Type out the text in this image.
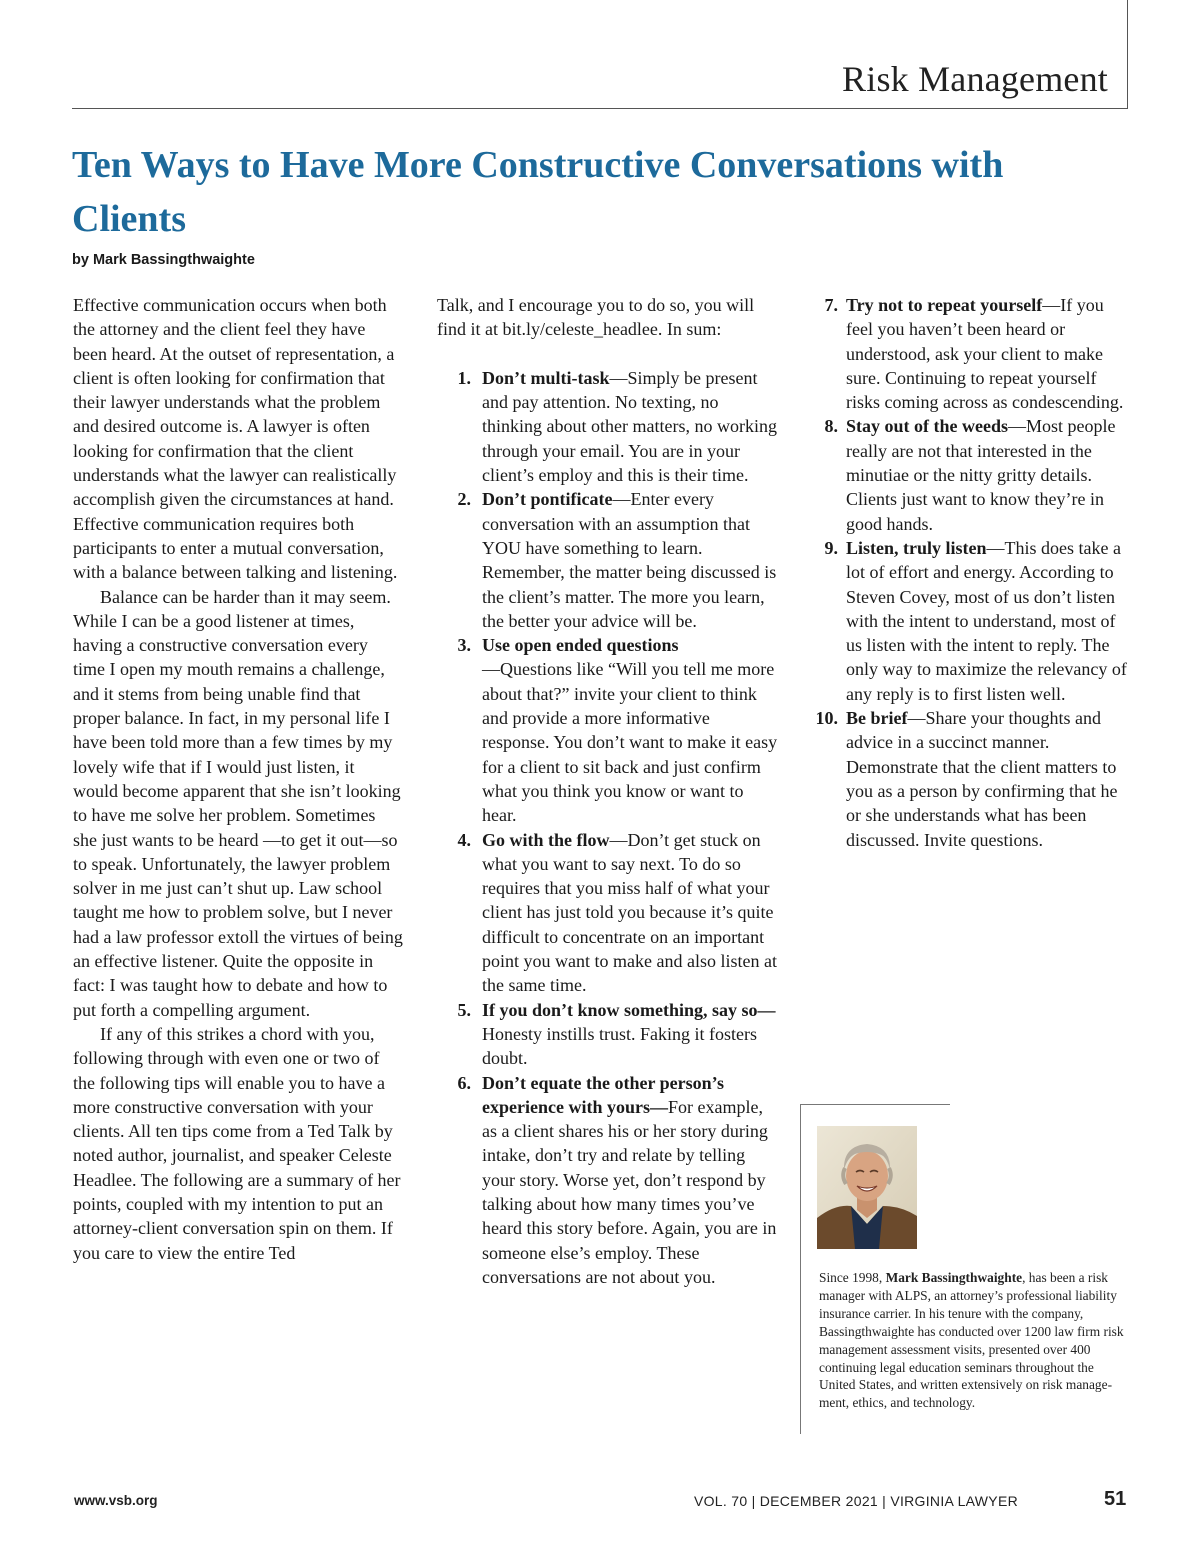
Risk Management
Ten Ways to Have More Constructive Conversations with Clients
by Mark Bassingthwaighte

Effective communication occurs when both the attorney and the client feel they have been heard. At the outset of representation, a client is often looking for confirmation that their lawyer understands what the problem and desired outcome is. A lawyer is often looking for confirmation that the client understands what the lawyer can realistically accomplish given the circumstances at hand. Effective communication requires both participants to enter a mutual conversation, with a balance between talking and listening.

Balance can be harder than it may seem. While I can be a good listener at times, having a constructive conversation every time I open my mouth remains a challenge, and it stems from being unable find that proper balance. In fact, in my personal life I have been told more than a few times by my lovely wife that if I would just listen, it would become apparent that she isn’t looking to have me solve her problem. Sometimes she just wants to be heard —to get it out—so to speak. Unfortunately, the lawyer problem solver in me just can’t shut up. Law school taught me how to problem solve, but I never had a law professor extoll the virtues of being an effective listener. Quite the opposite in fact: I was taught how to debate and how to put forth a compelling argument.

If any of this strikes a chord with you, following through with even one or two of the following tips will enable you to have a more constructive conversation with your clients. All ten tips come from a Ted Talk by noted author, journalist, and speaker Celeste Headlee. The following are a summary of her points, coupled with my intention to put an attorney-client conversation spin on them. If you care to view the entire Ted

Talk, and I encourage you to do so, you will find it at bit.ly/celeste_headlee. In sum:

1. Don’t multi-task—Simply be present and pay attention. No texting, no thinking about other matters, no working through your email. You are in your client’s employ and this is their time.
2. Don’t pontificate—Enter every conversation with an assumption that YOU have something to learn. Remember, the matter being discussed is the client’s matter. The more you learn, the better your advice will be.
3. Use open ended questions
—Questions like “Will you tell me more about that?” invite your client to think and provide a more informative response. You don’t want to make it easy for a client to sit back and just confirm what you think you know or want to hear.
4. Go with the flow—Don’t get stuck on what you want to say next. To do so requires that you miss half of what your client has just told you because it’s quite difficult to concentrate on an important point you want to make and also listen at the same time.
5. If you don’t know something, say so—Honesty instills trust. Faking it fosters doubt.
6. Don’t equate the other person’s experience with yours—For example, as a client shares his or her story during intake, don’t try and relate by telling your story. Worse yet, don’t respond by talking about how many times you’ve heard this story before. Again, you are in someone else’s employ. These conversations are not about you.
7. Try not to repeat yourself—If you feel you haven’t been heard or understood, ask your client to make sure. Continuing to repeat yourself risks coming across as condescending.
8. Stay out of the weeds—Most people really are not that interested in the minutiae or the nitty gritty details. Clients just want to know they’re in good hands.
9. Listen, truly listen—This does take a lot of effort and energy. According to Steven Covey, most of us don’t listen with the intent to understand, most of us listen with the intent to reply. The only way to maximize the relevancy of any reply is to first listen well.
10. Be brief—Share your thoughts and advice in a succinct manner. Demonstrate that the client matters to you as a person by confirming that he or she understands what has been discussed. Invite questions.

Since 1998, Mark Bassingthwaighte, has been a risk manager with ALPS, an attorney’s professional liability insurance carrier. In his tenure with the company, Bassingthwaighte has conducted over 1200 law firm risk management assessment visits, presented over 400 continuing legal education seminars throughout the United States, and written extensively on risk management, ethics, and technology.

www.vsb.org	VOL. 70 | DECEMBER 2021 | VIRGINIA LAWYER	51
